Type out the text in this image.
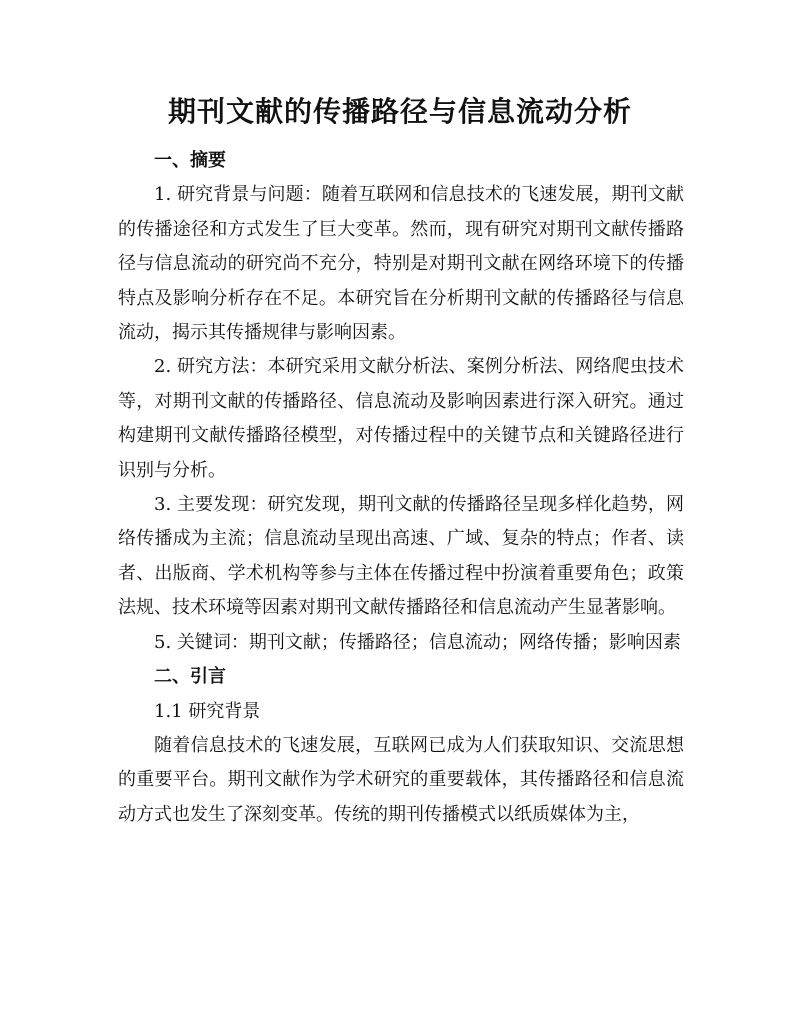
期刊文献的传播路径与信息流动分析
一、摘要

1. 研究背景与问题：随着互联网和信息技术的飞速发展，期刊文献的传播途径和方式发生了巨大变革。然而，现有研究对期刊文献传播路径与信息流动的研究尚不充分，特别是对期刊文献在网络环境下的传播特点及影响分析存在不足。本研究旨在分析期刊文献的传播路径与信息流动，揭示其传播规律与影响因素。

2. 研究方法：本研究采用文献分析法、案例分析法、网络爬虫技术等，对期刊文献的传播路径、信息流动及影响因素进行深入研究。通过构建期刊文献传播路径模型，对传播过程中的关键节点和关键路径进行识别与分析。

3. 主要发现：研究发现，期刊文献的传播路径呈现多样化趋势，网络传播成为主流；信息流动呈现出高速、广域、复杂的特点；作者、读者、出版商、学术机构等参与主体在传播过程中扮演着重要角色；政策法规、技术环境等因素对期刊文献传播路径和信息流动产生显著影响。

5. 关键词：期刊文献；传播路径；信息流动；网络传播；影响因素

二、引言

1.1 研究背景

随着信息技术的飞速发展，互联网已成为人们获取知识、交流思想的重要平台。期刊文献作为学术研究的重要载体，其传播路径和信息流动方式也发生了深刻变革。传统的期刊传播模式以纸质媒体为主，
